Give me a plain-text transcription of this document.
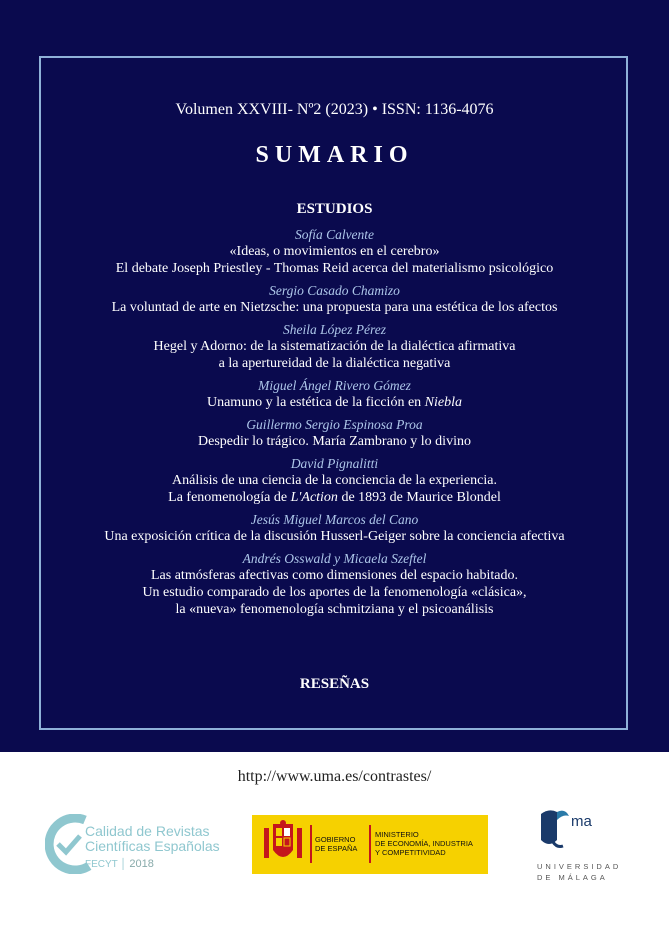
Volumen XXVIII- Nº2 (2023) • ISSN: 1136-4076
SUMARIO
ESTUDIOS
Sofía Calvente
«Ideas, o movimientos en el cerebro»
El debate Joseph Priestley - Thomas Reid acerca del materialismo psicológico
Sergio Casado Chamizo
La voluntad de arte en Nietzsche: una propuesta para una estética de los afectos
Sheila López Pérez
Hegel y Adorno: de la sistematización de la dialéctica afirmativa
a la apertureidad de la dialéctica negativa
Miguel Ángel Rivero Gómez
Unamuno y la estética de la ficción en Niebla
Guillermo Sergio Espinosa Proa
Despedir lo trágico. María Zambrano y lo divino
David Pignalitti
Análisis de una ciencia de la conciencia de la experiencia.
La fenomenología de L'Action de 1893 de Maurice Blondel
Jesús Miguel Marcos del Cano
Una exposición crítica de la discusión Husserl-Geiger sobre la conciencia afectiva
Andrés Osswald y Micaela Szeftel
Las atmósferas afectivas como dimensiones del espacio habitado.
Un estudio comparado de los aportes de la fenomenología «clásica»,
la «nueva» fenomenología schmitziana y el psicoanálisis
RESEÑAS
http://www.uma.es/contrastes/
Calidad de Revistas
Científicas Españolas
FECYT │ 2018
GOBIERNO
DE ESPAÑA
MINISTERIO
DE ECONOMÍA, INDUSTRIA
Y COMPETITIVIDAD
ma
UNIVERSIDAD
DE MÁLAGA
